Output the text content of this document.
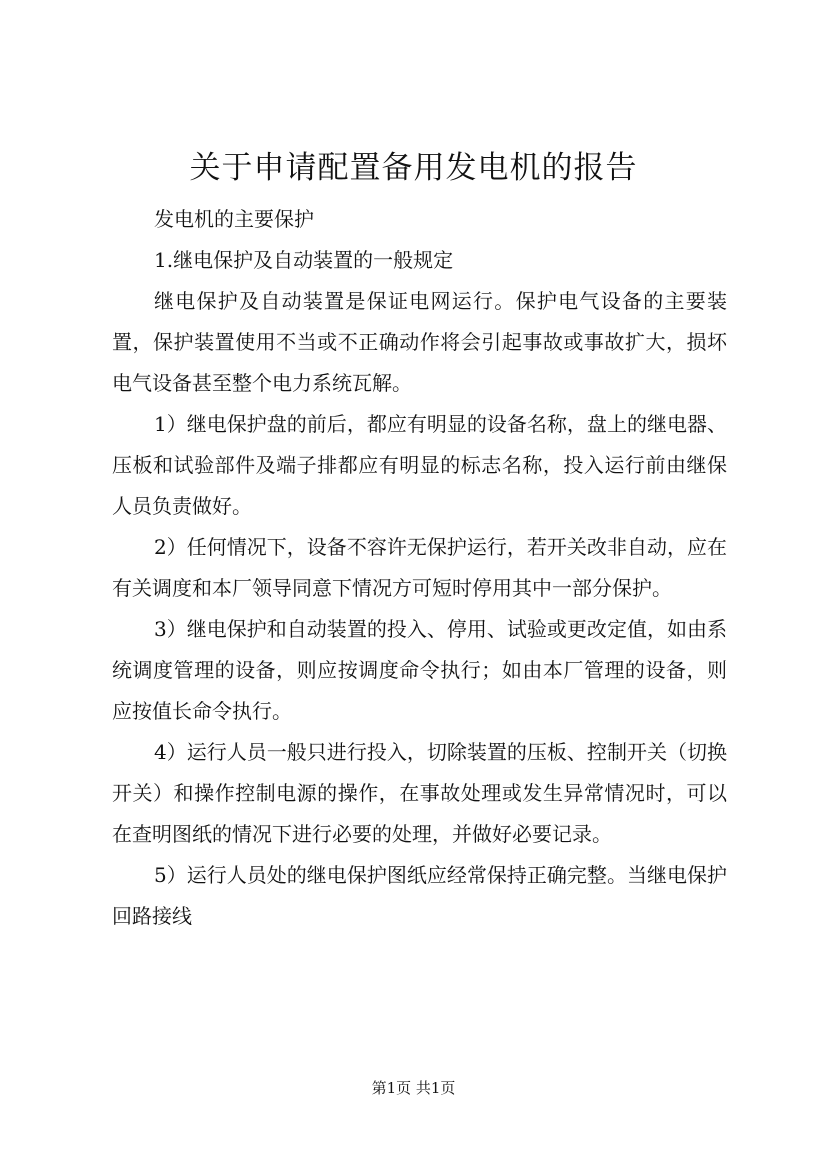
关于申请配置备用发电机的报告

发电机的主要保护

1.继电保护及自动装置的一般规定

继电保护及自动装置是保证电网运行。保护电气设备的主要装置，保护装置使用不当或不正确动作将会引起事故或事故扩大，损坏电气设备甚至整个电力系统瓦解。

1）继电保护盘的前后，都应有明显的设备名称，盘上的继电器、压板和试验部件及端子排都应有明显的标志名称，投入运行前由继保人员负责做好。

2）任何情况下，设备不容许无保护运行，若开关改非自动，应在有关调度和本厂领导同意下情况方可短时停用其中一部分保护。

3）继电保护和自动装置的投入、停用、试验或更改定值，如由系统调度管理的设备，则应按调度命令执行；如由本厂管理的设备，则应按值长命令执行。

4）运行人员一般只进行投入，切除装置的压板、控制开关（切换开关）和操作控制电源的操作，在事故处理或发生异常情况时，可以在查明图纸的情况下进行必要的处理，并做好必要记录。

5）运行人员处的继电保护图纸应经常保持正确完整。当继电保护回路接线

第1页 共1页
